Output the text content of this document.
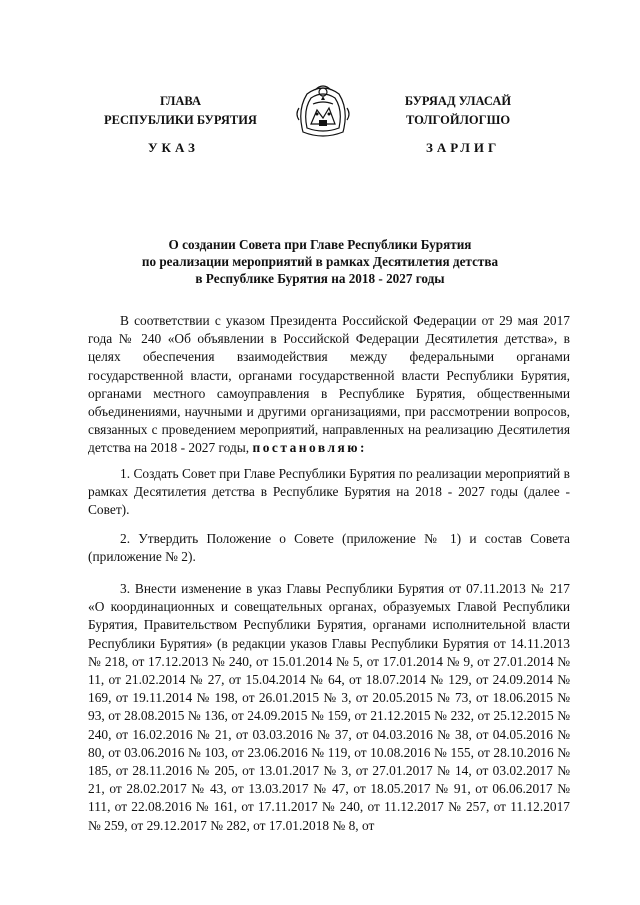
ГЛАВА
РЕСПУБЛИКИ БУРЯТИЯ
БУРЯАД УЛАСАЙ
ТОЛГОЙЛОГШО
УКАЗ	ЗАРЛИГ
О создании Совета при Главе Республики Бурятия
по реализации мероприятий в рамках Десятилетия детства
в Республике Бурятия на 2018 - 2027 годы

В соответствии с указом Президента Российской Федерации от 29 мая 2017 года № 240 «Об объявлении в Российской Федерации Десятилетия детства», в целях обеспечения взаимодействия между федеральными органами государственной власти, органами государственной власти Республики Бурятия, органами местного самоуправления в Республике Бурятия, общественными объединениями, научными и другими организациями, при рассмотрении вопросов, связанных с проведением мероприятий, направленных на реализацию Десятилетия детства на 2018 - 2027 годы, постановляю:

1. Создать Совет при Главе Республики Бурятия по реализации мероприятий в рамках Десятилетия детства в Республике Бурятия на 2018 - 2027 годы (далее - Совет).

2. Утвердить Положение о Совете (приложение № 1) и состав Совета (приложение № 2).

3. Внести изменение в указ Главы Республики Бурятия от 07.11.2013 № 217 «О координационных и совещательных органах, образуемых Главой Республики Бурятия, Правительством Республики Бурятия, органами исполнительной власти Республики Бурятия» (в редакции указов Главы Республики Бурятия от 14.11.2013 № 218, от 17.12.2013 № 240, от 15.01.2014 № 5, от 17.01.2014 № 9, от 27.01.2014 № 11, от 21.02.2014 № 27, от 15.04.2014 № 64, от 18.07.2014 № 129, от 24.09.2014 № 169, от 19.11.2014 № 198, от 26.01.2015 № 3, от 20.05.2015 № 73, от 18.06.2015 № 93, от 28.08.2015 № 136, от 24.09.2015 № 159, от 21.12.2015 № 232, от 25.12.2015 № 240, от 16.02.2016 № 21, от 03.03.2016 № 37, от 04.03.2016 № 38, от 04.05.2016 № 80, от 03.06.2016 № 103, от 23.06.2016 № 119, от 10.08.2016 № 155, от 28.10.2016 № 185, от 28.11.2016 № 205, от 13.01.2017 № 3, от 27.01.2017 № 14, от 03.02.2017 № 21, от 28.02.2017 № 43, от 13.03.2017 № 47, от 18.05.2017 № 91, от 06.06.2017 № 111, от 22.08.2016 № 161, от 17.11.2017 № 240, от 11.12.2017 № 257, от 11.12.2017 № 259, от 29.12.2017 № 282, от 17.01.2018 № 8, от
